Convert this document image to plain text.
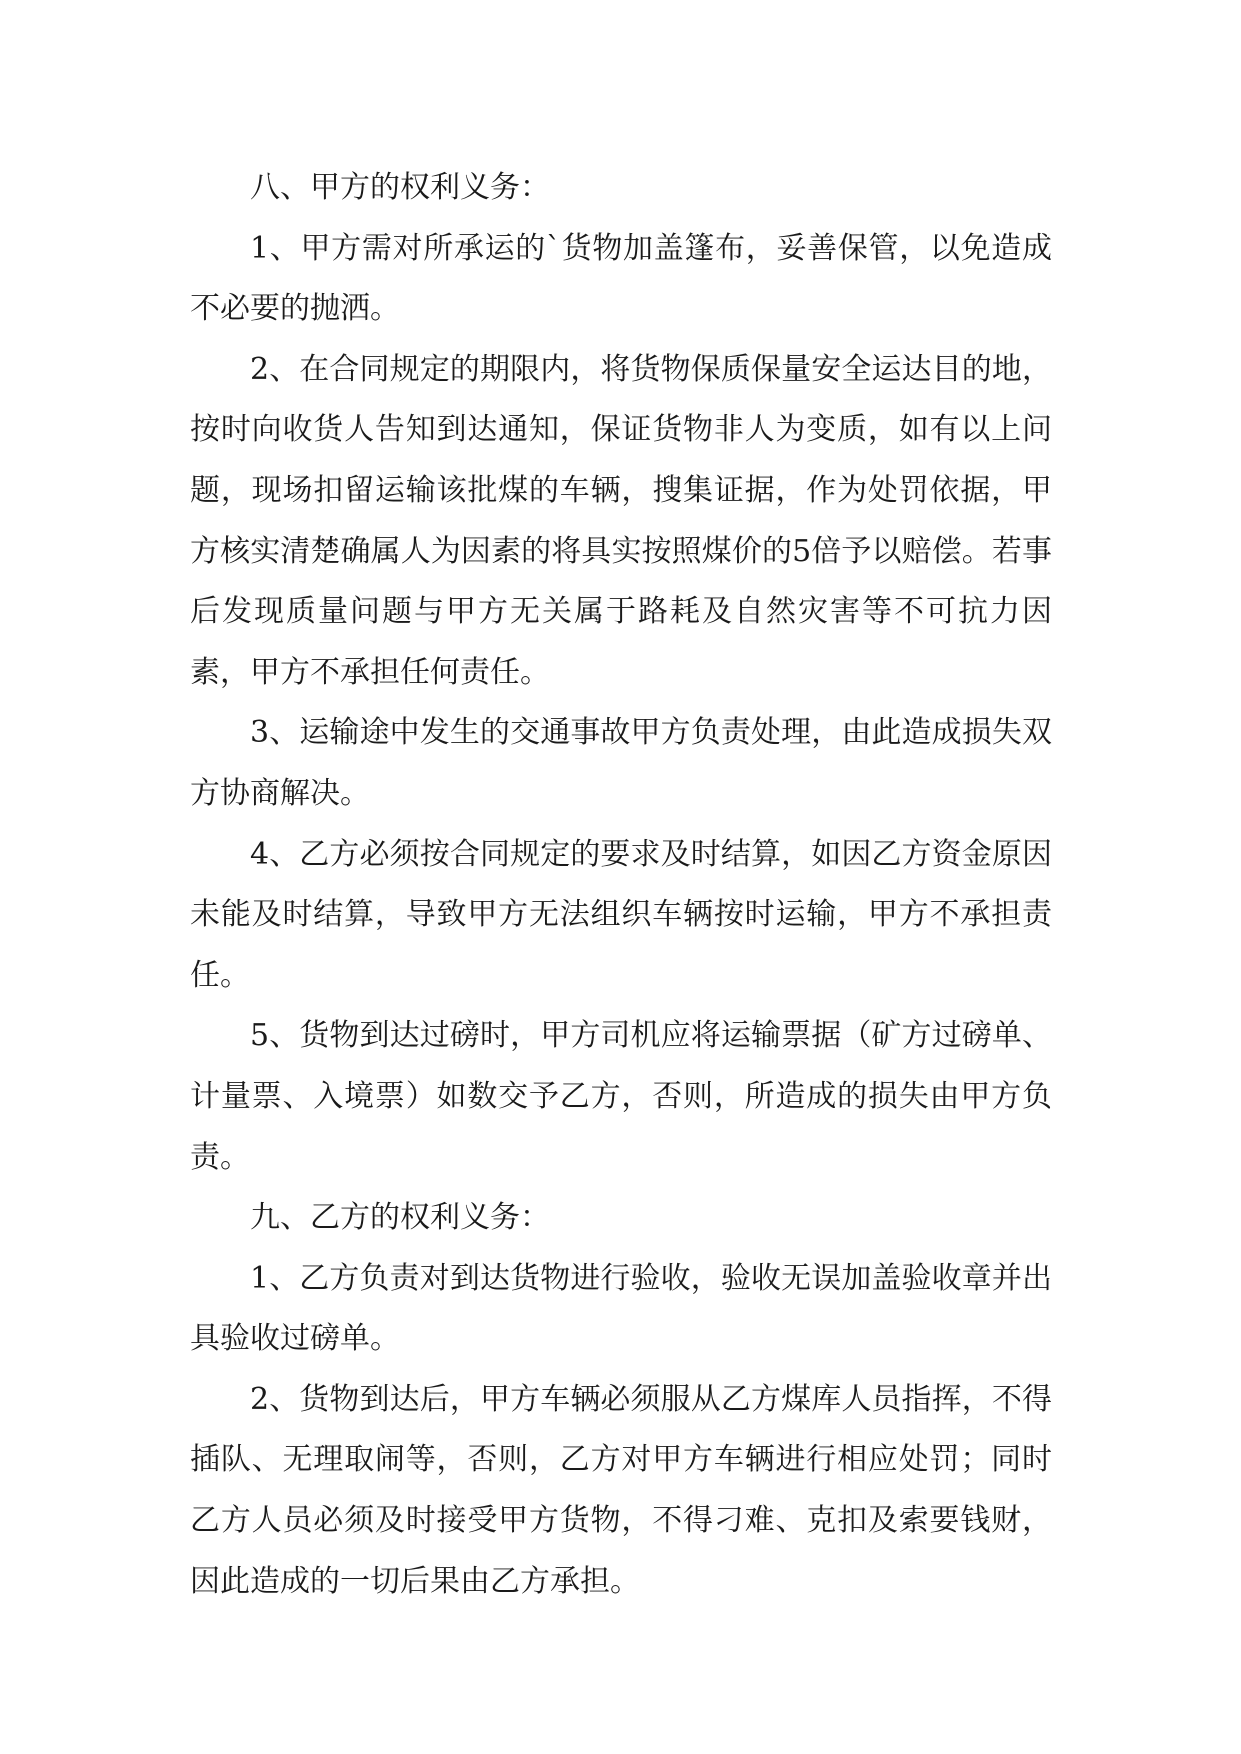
八、甲方的权利义务：

1、甲方需对所承运的`货物加盖篷布，妥善保管，以免造成不必要的抛洒。

2、在合同规定的期限内，将货物保质保量安全运达目的地，按时向收货人告知到达通知，保证货物非人为变质，如有以上问题，现场扣留运输该批煤的车辆，搜集证据，作为处罚依据，甲方核实清楚确属人为因素的将具实按照煤价的5倍予以赔偿。若事后发现质量问题与甲方无关属于路耗及自然灾害等不可抗力因素，甲方不承担任何责任。

3、运输途中发生的交通事故甲方负责处理，由此造成损失双方协商解决。

4、乙方必须按合同规定的要求及时结算，如因乙方资金原因未能及时结算，导致甲方无法组织车辆按时运输，甲方不承担责任。

5、货物到达过磅时，甲方司机应将运输票据（矿方过磅单、计量票、入境票）如数交予乙方，否则，所造成的损失由甲方负责。

九、乙方的权利义务：

1、乙方负责对到达货物进行验收，验收无误加盖验收章并出具验收过磅单。

2、货物到达后，甲方车辆必须服从乙方煤库人员指挥，不得插队、无理取闹等，否则，乙方对甲方车辆进行相应处罚；同时乙方人员必须及时接受甲方货物，不得刁难、克扣及索要钱财，因此造成的一切后果由乙方承担。
